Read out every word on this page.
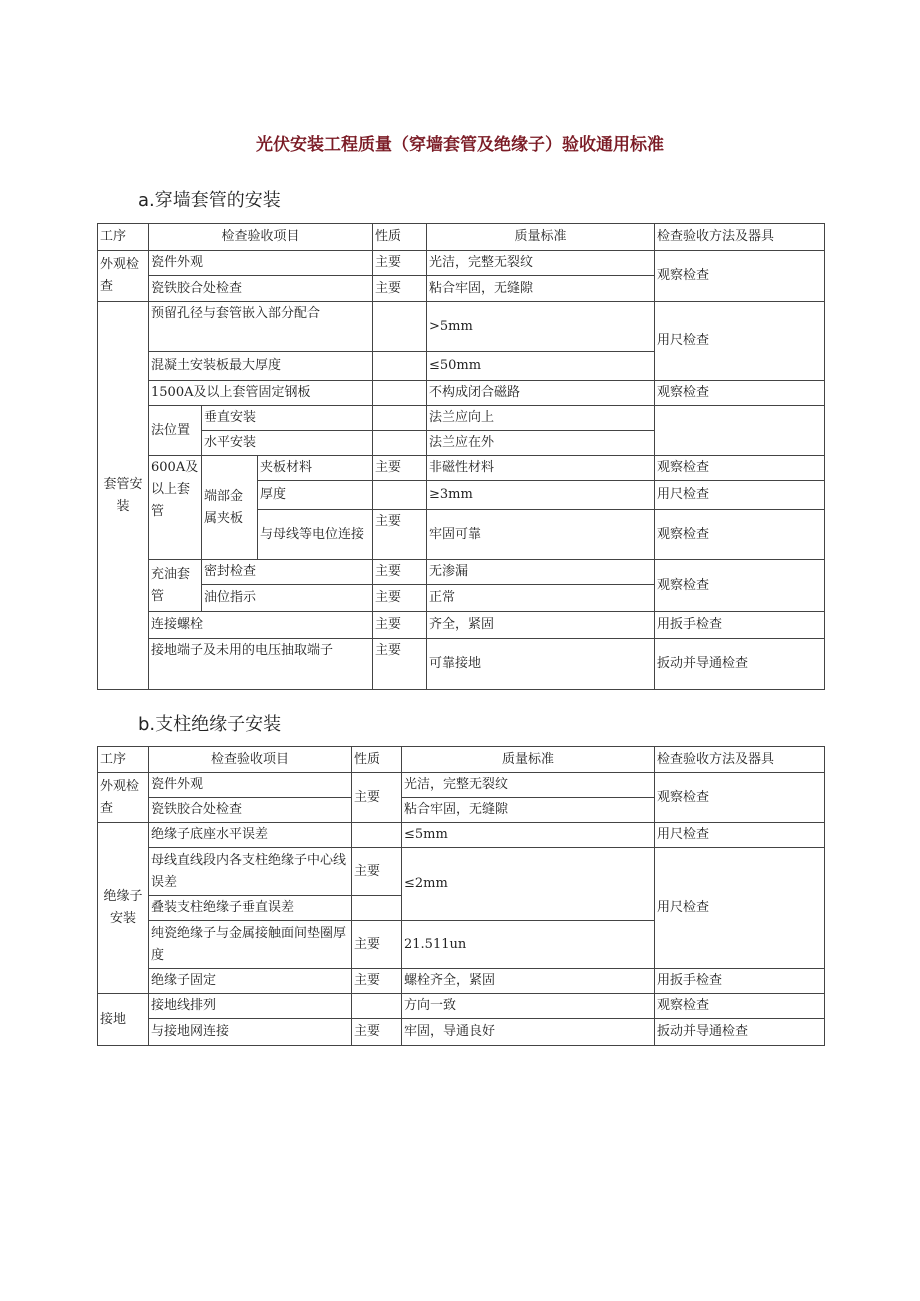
光伏安装工程质量（穿墙套管及绝缘子）验收通用标准
a.穿墙套管的安装
工序	检查验收项目			性质	质量标准	检查验收方法及器具
外观检查	瓷件外观			主要	光洁，完整无裂纹	观察检查
	瓷铁胶合处检查			主要	粘合牢固，无缝隙	
套管安装	预留孔径与套管嵌入部分配合				>5mm	用尺检查
	混凝土安装板最大厚度				≤50mm	
	1500A及以上套管固定钢板				不构成闭合磁路	观察检查
	法位置	垂直安装			法兰应向上	
		水平安装			法兰应在外	
	600A及以上套管	端部金属夹板	夹板材料	主要	非磁性材料	观察检查
			厚度		≥3mm	用尺检查
			与母线等电位连接	主要	牢固可靠	观察检查
	充油套管	密封检查		主要	无渗漏	观察检查
		油位指示		主要	正常	
	连接螺栓			主要	齐全，紧固	用扳手检查
	接地端子及未用的电压抽取端子			主要	可靠接地	扳动并导通检查
b.支柱绝缘子安装
工序	检查验收项目	性质	质量标准	检查验收方法及器具
外观检查	瓷件外观	主要	光洁，完整无裂纹	观察检查
	瓷铁胶合处检查		粘合牢固，无缝隙	
绝缘子安装	绝缘子底座水平误差		≤5mm	用尺检查
	母线直线段内各支柱绝缘子中心线误差	主要	≤2mm	用尺检查
	叠装支柱绝缘子垂直误差			
	纯瓷绝缘子与金属接触面间垫圈厚度	主要	21.511un	
	绝缘子固定	主要	螺栓齐全，紧固	用扳手检查
接地	接地线排列		方向一致	观察检查
	与接地网连接	主要	牢固，导通良好	扳动并导通检查
